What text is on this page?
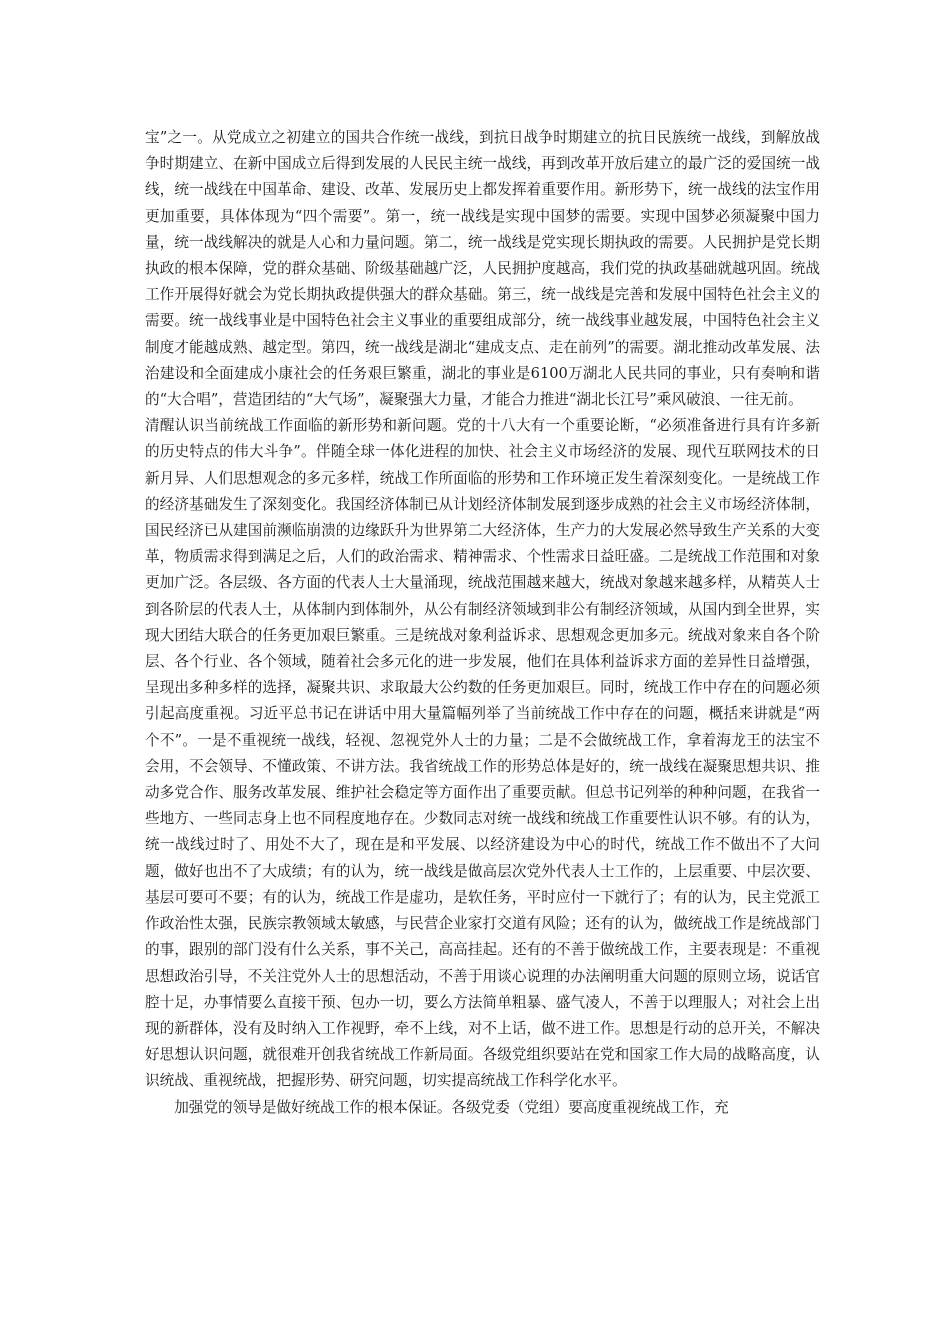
宝”之一。从党成立之初建立的国共合作统一战线，到抗日战争时期建立的抗日民族统一战线，到解放战争时期建立、在新中国成立后得到发展的人民民主统一战线，再到改革开放后建立的最广泛的爱国统一战线，统一战线在中国革命、建设、改革、发展历史上都发挥着重要作用。新形势下，统一战线的法宝作用更加重要，具体体现为“四个需要”。第一，统一战线是实现中国梦的需要。实现中国梦必须凝聚中国力量，统一战线解决的就是人心和力量问题。第二，统一战线是党实现长期执政的需要。人民拥护是党长期执政的根本保障，党的群众基础、阶级基础越广泛，人民拥护度越高，我们党的执政基础就越巩固。统战工作开展得好就会为党长期执政提供强大的群众基础。第三，统一战线是完善和发展中国特色社会主义的需要。统一战线事业是中国特色社会主义事业的重要组成部分，统一战线事业越发展，中国特色社会主义制度才能越成熟、越定型。第四，统一战线是湖北“建成支点、走在前列”的需要。湖北推动改革发展、法治建设和全面建成小康社会的任务艰巨繁重，湖北的事业是6100万湖北人民共同的事业，只有奏响和谐的“大合唱”，营造团结的“大气场”，凝聚强大力量，才能合力推进“湖北长江号”乘风破浪、一往无前。

清醒认识当前统战工作面临的新形势和新问题。党的十八大有一个重要论断，“必须准备进行具有许多新的历史特点的伟大斗争”。伴随全球一体化进程的加快、社会主义市场经济的发展、现代互联网技术的日新月异、人们思想观念的多元多样，统战工作所面临的形势和工作环境正发生着深刻变化。一是统战工作的经济基础发生了深刻变化。我国经济体制已从计划经济体制发展到逐步成熟的社会主义市场经济体制，国民经济已从建国前濒临崩溃的边缘跃升为世界第二大经济体，生产力的大发展必然导致生产关系的大变革，物质需求得到满足之后，人们的政治需求、精神需求、个性需求日益旺盛。二是统战工作范围和对象更加广泛。各层级、各方面的代表人士大量涌现，统战范围越来越大，统战对象越来越多样，从精英人士到各阶层的代表人士，从体制内到体制外，从公有制经济领域到非公有制经济领域，从国内到全世界，实现大团结大联合的任务更加艰巨繁重。三是统战对象利益诉求、思想观念更加多元。统战对象来自各个阶层、各个行业、各个领域，随着社会多元化的进一步发展，他们在具体利益诉求方面的差异性日益增强，呈现出多种多样的选择，凝聚共识、求取最大公约数的任务更加艰巨。同时，统战工作中存在的问题必须引起高度重视。习近平总书记在讲话中用大量篇幅列举了当前统战工作中存在的问题，概括来讲就是“两个不”。一是不重视统一战线，轻视、忽视党外人士的力量；二是不会做统战工作，拿着海龙王的法宝不会用，不会领导、不懂政策、不讲方法。我省统战工作的形势总体是好的，统一战线在凝聚思想共识、推动多党合作、服务改革发展、维护社会稳定等方面作出了重要贡献。但总书记列举的种种问题，在我省一些地方、一些同志身上也不同程度地存在。少数同志对统一战线和统战工作重要性认识不够。有的认为，统一战线过时了、用处不大了，现在是和平发展、以经济建设为中心的时代，统战工作不做出不了大问题，做好也出不了大成绩；有的认为，统一战线是做高层次党外代表人士工作的，上层重要、中层次要、基层可要可不要；有的认为，统战工作是虚功，是软任务，平时应付一下就行了；有的认为，民主党派工作政治性太强，民族宗教领域太敏感，与民营企业家打交道有风险；还有的认为，做统战工作是统战部门的事，跟别的部门没有什么关系，事不关己，高高挂起。还有的不善于做统战工作，主要表现是：不重视思想政治引导，不关注党外人士的思想活动，不善于用谈心说理的办法阐明重大问题的原则立场，说话官腔十足，办事情要么直接干预、包办一切，要么方法简单粗暴、盛气凌人，不善于以理服人；对社会上出现的新群体，没有及时纳入工作视野，牵不上线，对不上话，做不进工作。思想是行动的总开关，不解决好思想认识问题，就很难开创我省统战工作新局面。各级党组织要站在党和国家工作大局的战略高度，认识统战、重视统战，把握形势、研究问题，切实提高统战工作科学化水平。

加强党的领导是做好统战工作的根本保证。各级党委（党组）要高度重视统战工作，充
